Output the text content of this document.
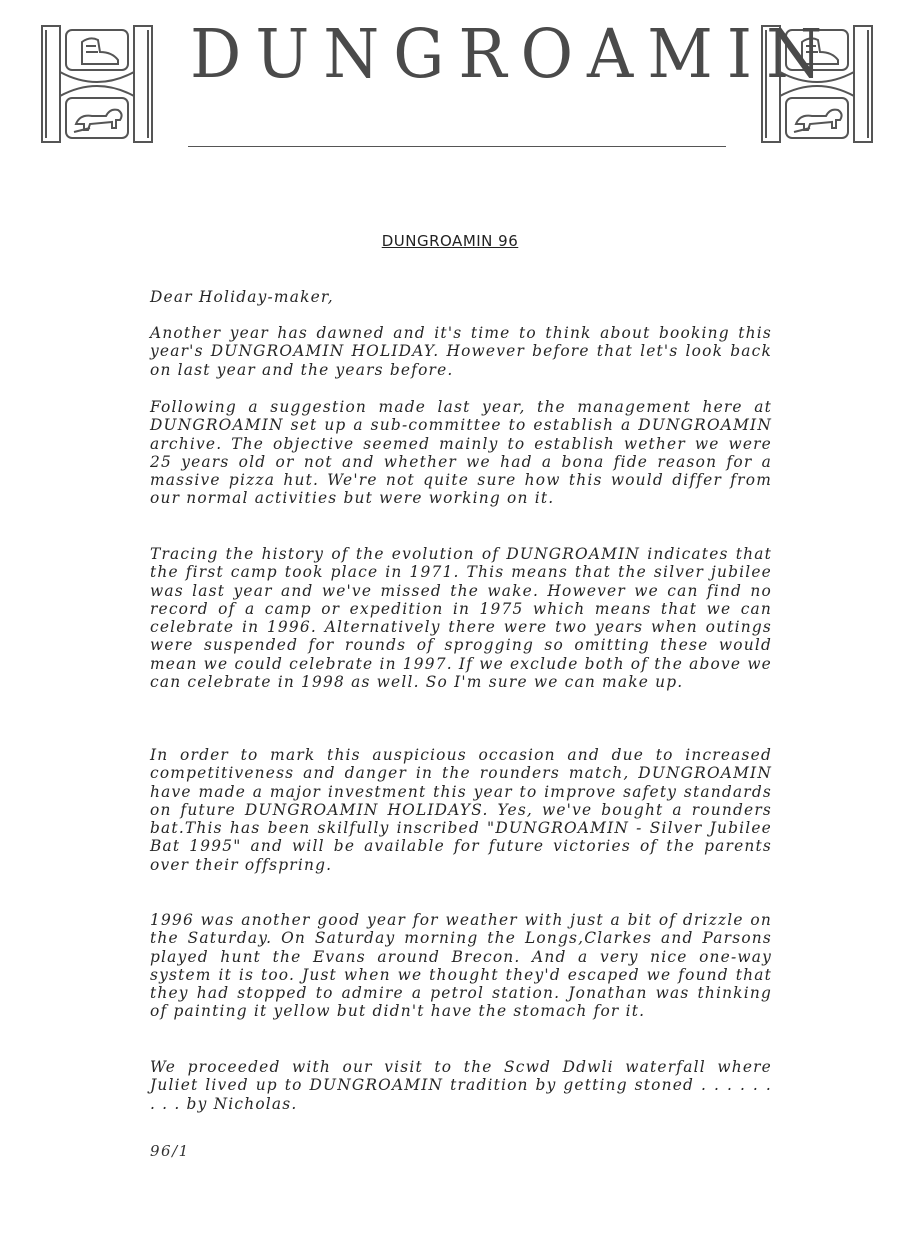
DUNGROAMIN
DUNGROAMIN 96
Dear Holiday-maker,

Another year has dawned and it's time to think about booking this year's DUNGROAMIN HOLIDAY. However before that let's look back on last year and the years before.

Following a suggestion made last year, the management here at DUNGROAMIN set up a sub-committee to establish a DUNGROAMIN archive. The objective seemed mainly to establish wether we were 25 years old or not and whether we had a bona fide reason for a massive pizza hut. We're not quite sure how this would differ from our normal activities but were working on it.

Tracing the history of the evolution of DUNGROAMIN indicates that the first camp took place in 1971. This means that the silver jubilee was last year and we've missed the wake. However we can find no record of a camp or expedition in 1975 which means that we can celebrate in 1996. Alternatively there were two years when outings were suspended for rounds of sprogging so omitting these would mean we could celebrate in 1997. If we exclude both of the above we can celebrate in 1998 as well. So I'm sure we can make up.

In order to mark this auspicious occasion and due to increased competitiveness and danger in the rounders match, DUNGROAMIN have made a major investment this year to improve safety standards on future DUNGROAMIN HOLIDAYS. Yes, we've bought a rounders bat.This has been skilfully inscribed "DUNGROAMIN - Silver Jubilee Bat 1995" and will be available for future victories of the parents over their offspring.

1996 was another good year for weather with just a bit of drizzle on the Saturday. On Saturday morning the Longs,Clarkes and Parsons played hunt the Evans around Brecon. And a very nice one-way system it is too. Just when we thought they'd escaped we found that they had stopped to admire a petrol station. Jonathan was thinking of painting it yellow but didn't have the stomach for it.

We proceeded with our visit to the Scwd Ddwli waterfall where Juliet lived up to DUNGROAMIN tradition by getting stoned . . . . . . . . . by Nicholas.

96/1
